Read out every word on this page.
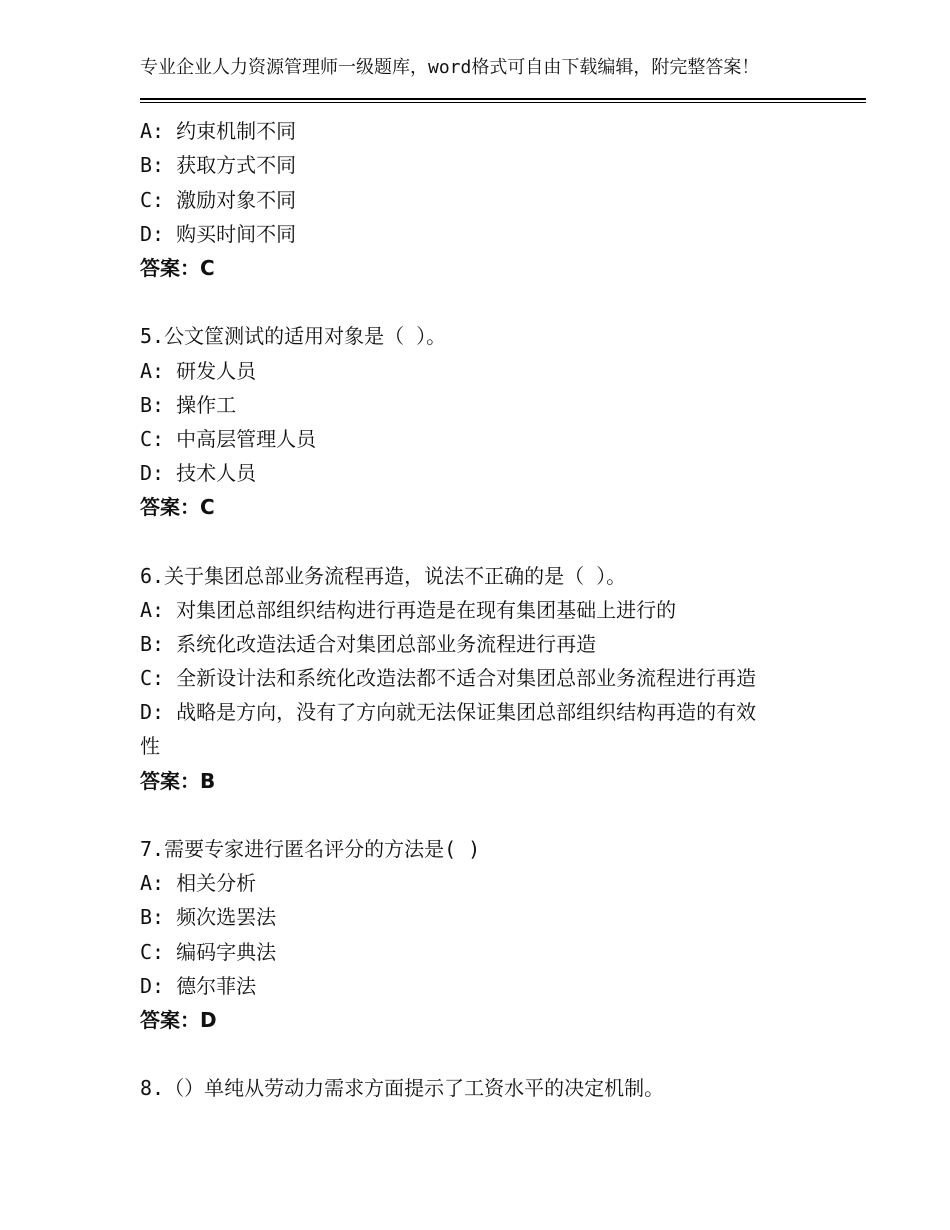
专业企业人力资源管理师一级题库，word格式可自由下载编辑，附完整答案！
A: 约束机制不同
B: 获取方式不同
C: 激励对象不同
D: 购买时间不同
答案：C
5.公文筐测试的适用对象是（ ）。
A: 研发人员
B: 操作工
C: 中高层管理人员
D: 技术人员
答案：C
6.关于集团总部业务流程再造，说法不正确的是（ ）。
A: 对集团总部组织结构进行再造是在现有集团基础上进行的
B: 系统化改造法适合对集团总部业务流程进行再造
C: 全新设计法和系统化改造法都不适合对集团总部业务流程进行再造
D: 战略是方向，没有了方向就无法保证集团总部组织结构再造的有效
性
答案：B
7.需要专家进行匿名评分的方法是( )
A: 相关分析
B: 频次选罢法
C: 编码字典法
D: 德尔菲法
答案：D
8.（）单纯从劳动力需求方面提示了工资水平的决定机制。
